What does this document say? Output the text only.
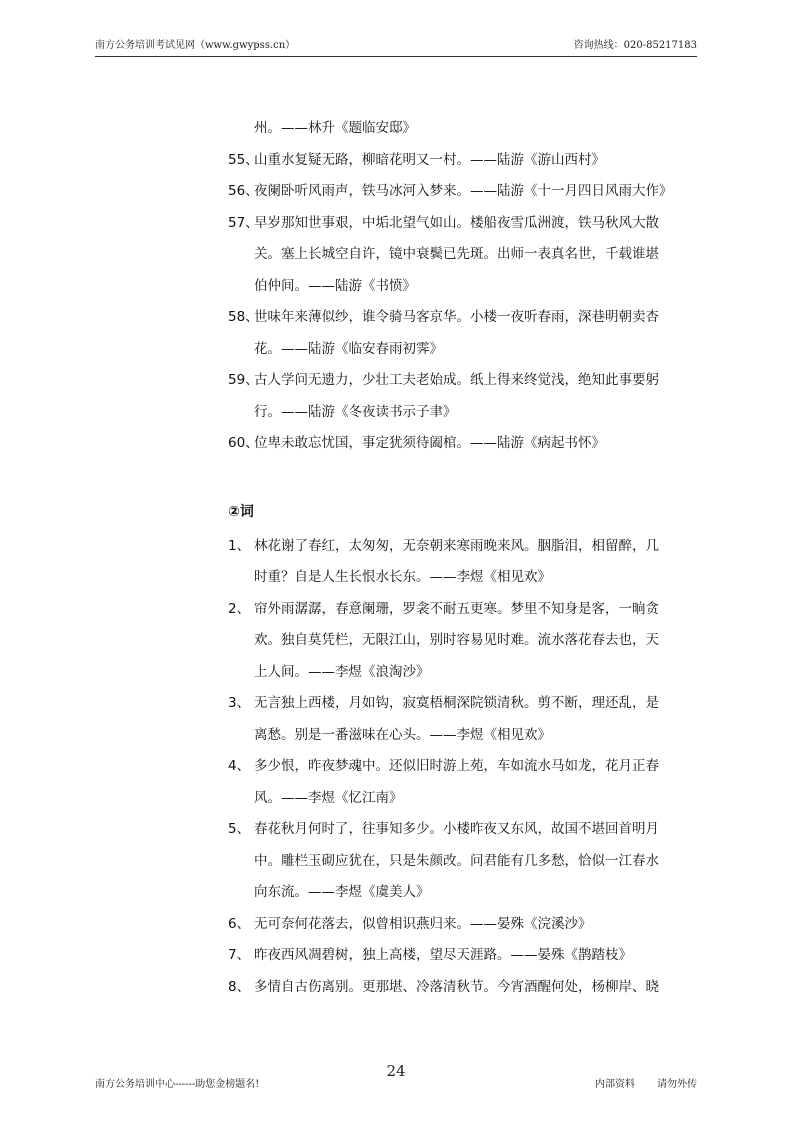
南方公务培训考试见网（www.gwypss.cn）	咨询热线：020-85217183
州。——林升《题临安邸》
55、
山重水复疑无路，柳暗花明又一村。——陆游《游山西村》
56、
夜阑卧听风雨声，铁马冰河入梦来。——陆游《十一月四日风雨大作》
57、
早岁那知世事艰，中垢北望气如山。楼船夜雪瓜洲渡，铁马秋风大散
关。塞上长城空自许，镜中衰鬓已先斑。出师一表真名世，千载谁堪
伯仲间。——陆游《书愤》
58、
世味年来薄似纱，谁令骑马客京华。小楼一夜听春雨，深巷明朝卖杏
花。——陆游《临安春雨初霁》
59、
古人学问无遗力，少壮工夫老始成。纸上得来终觉浅，绝知此事要躬
行。——陆游《冬夜读书示子聿》
60、
位卑未敢忘忧国，事定犹须待阖棺。——陆游《病起书怀》
②词
1、 林花谢了春红，太匆匆，无奈朝来寒雨晚来风。胭脂泪，相留醉，几
时重？自是人生长恨水长东。——李煜《相见欢》
2、 帘外雨潺潺，春意阑珊，罗衾不耐五更寒。梦里不知身是客，一晌贪
欢。独自莫凭栏，无限江山，别时容易见时难。流水落花春去也，天
上人间。——李煜《浪淘沙》
3、 无言独上西楼，月如钩，寂寞梧桐深院锁清秋。剪不断，理还乱，是
离愁。别是一番滋味在心头。——李煜《相见欢》
4、 多少恨，昨夜梦魂中。还似旧时游上苑，车如流水马如龙，花月正春
风。——李煜《忆江南》
5、 春花秋月何时了，往事知多少。小楼昨夜又东风，故国不堪回首明月
中。雕栏玉砌应犹在，只是朱颜改。问君能有几多愁，恰似一江春水
向东流。——李煜《虞美人》
6、 无可奈何花落去，似曾相识燕归来。——晏殊《浣溪沙》
7、 昨夜西风凋碧树，独上高楼，望尽天涯路。——晏殊《鹊踏枝》
8、 多情自古伤离别。更那堪、冷落清秋节。今宵酒醒何处，杨柳岸、晓
南方公务培训中心------助您金榜题名!
24
内部资料 请勿外传
